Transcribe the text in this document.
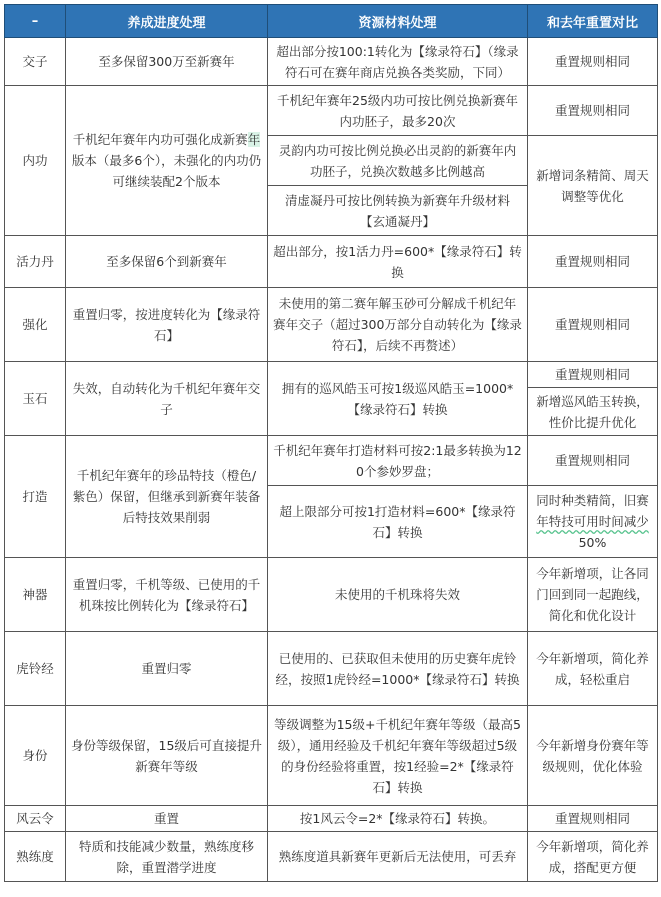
–	养成进度处理	资源材料处理	和去年重置对比
交子	至多保留300万至新赛年	超出部分按100:1转化为【缘录符石】（缘录符石可在赛年商店兑换各类奖励，下同）	重置规则相同
内功	千机纪年赛年内功可强化成新赛年版本（最多6个），未强化的内功仍可继续装配2个版本	千机纪年赛年25级内功可按比例兑换新赛年内功胚子，最多20次	重置规则相同
		灵韵内功可按比例兑换必出灵韵的新赛年内功胚子，兑换次数越多比例越高	新增词条精简、周天调整等优化
		清虚凝丹可按比例转换为新赛年升级材料【玄通凝丹】	
活力丹	至多保留6个到新赛年	超出部分，按1活力丹=600*【缘录符石】转换	重置规则相同
强化	重置归零，按进度转化为【缘录符石】	未使用的第二赛年解玉砂可分解成千机纪年赛年交子（超过300万部分自动转化为【缘录符石】，后续不再赘述）	重置规则相同
玉石	失效，自动转化为千机纪年赛年交子	拥有的巡风皓玉可按1级巡风皓玉=1000*【缘录符石】转换	重置规则相同
			新增巡风皓玉转换，
性价比提升优化
打造	千机纪年赛年的珍品特技（橙色/紫色）保留，但继承到新赛年装备后特技效果削弱	千机纪年赛年打造材料可按2:1最多转换为120个参妙罗盘；	重置规则相同
		超上限部分可按1打造材料=600*【缘录符石】转换	同时种类精简，旧赛
年特技可用时间减少
50%
神器	重置归零，千机等级、已使用的千机珠按比例转化为【缘录符石】	未使用的千机珠将失效	今年新增项，让各同门回到同一起跑线，简化和优化设计
虎铃经	重置归零	已使用的、已获取但未使用的历史赛年虎铃经，按照1虎铃经=1000*【缘录符石】转换	今年新增项，简化养成，轻松重启
身份	身份等级保留，15级后可直接提升新赛年等级	等级调整为15级+千机纪年赛年等级（最高5级），通用经验及千机纪年赛年等级超过5级的身份经验将重置，按1经验=2*【缘录符石】转换	今年新增身份赛年等级规则，优化体验
风云令	重置	按1风云令=2*【缘录符石】转换。	重置规则相同
熟练度	特质和技能减少数量，熟练度移除，重置潜学进度	熟练度道具新赛年更新后无法使用，可丢弃	今年新增项，简化养成，搭配更方便
